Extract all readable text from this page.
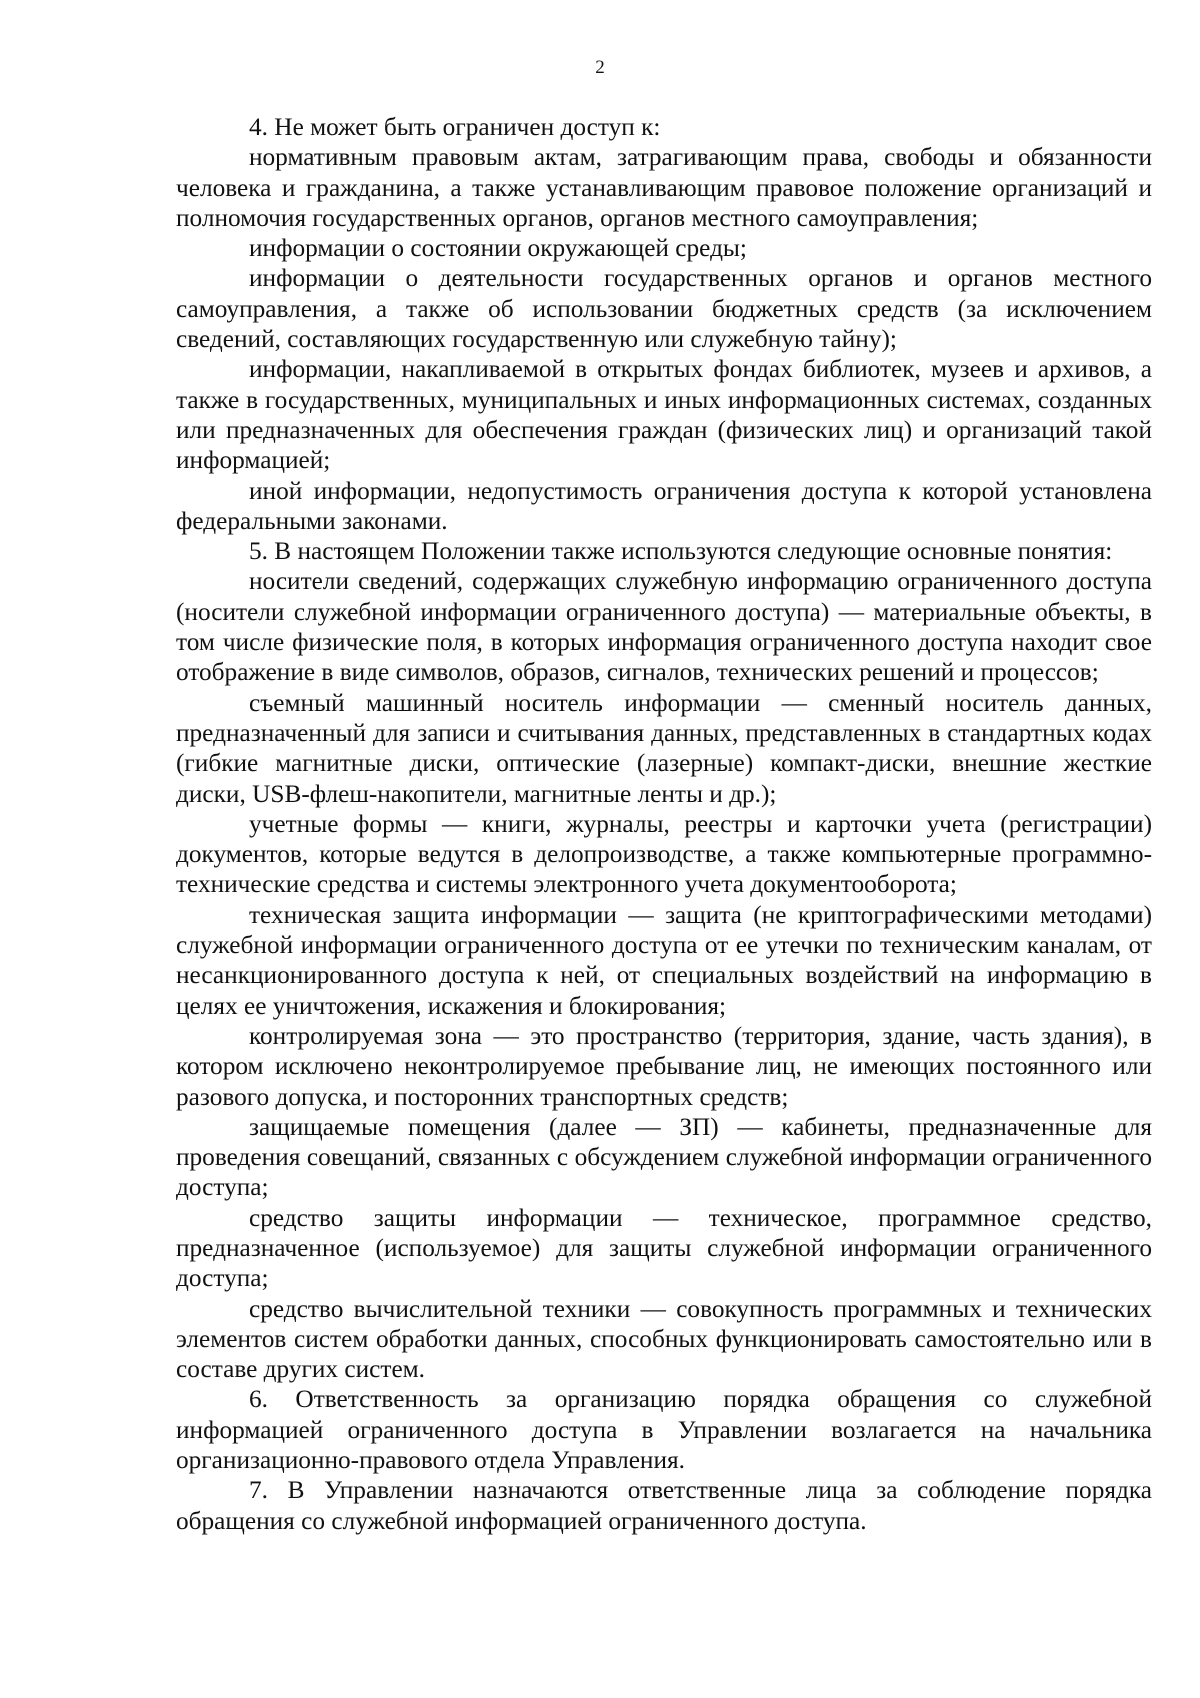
2

4. Не может быть ограничен доступ к:

нормативным правовым актам, затрагивающим права, свободы и обязанности человека и гражданина, а также устанавливающим правовое положение организаций и полномочия государственных органов, органов местного самоуправления;

информации о состоянии окружающей среды;

информации о деятельности государственных органов и органов местного самоуправления, а также об использовании бюджетных средств (за исключением сведений, составляющих государственную или служебную тайну);

информации, накапливаемой в открытых фондах библиотек, музеев и архивов, а также в государственных, муниципальных и иных информационных системах, созданных или предназначенных для обеспечения граждан (физических лиц) и организаций такой информацией;

иной информации, недопустимость ограничения доступа к которой установлена федеральными законами.

5. В настоящем Положении также используются следующие основные понятия:

носители сведений, содержащих служебную информацию ограниченного доступа (носители служебной информации ограниченного доступа) — материальные объекты, в том числе физические поля, в которых информация ограниченного доступа находит свое отображение в виде символов, образов, сигналов, технических решений и процессов;

съемный машинный носитель информации — сменный носитель данных, предназначенный для записи и считывания данных, представленных в стандартных кодах (гибкие магнитные диски, оптические (лазерные) компакт-диски, внешние жесткие диски, USB-флеш-накопители, магнитные ленты и др.);

учетные формы — книги, журналы, реестры и карточки учета (регистрации) документов, которые ведутся в делопроизводстве, а также компьютерные программно-технические средства и системы электронного учета документооборота;

техническая защита информации — защита (не криптографическими методами) служебной информации ограниченного доступа от ее утечки по техническим каналам, от несанкционированного доступа к ней, от специальных воздействий на информацию в целях ее уничтожения, искажения и блокирования;

контролируемая зона — это пространство (территория, здание, часть здания), в котором исключено неконтролируемое пребывание лиц, не имеющих постоянного или разового допуска, и посторонних транспортных средств;

защищаемые помещения (далее — ЗП) — кабинеты, предназначенные для проведения совещаний, связанных с обсуждением служебной информации ограниченного доступа;

средство защиты информации — техническое, программное средство, предназначенное (используемое) для защиты служебной информации ограниченного доступа;

средство вычислительной техники — совокупность программных и технических элементов систем обработки данных, способных функционировать самостоятельно или в составе других систем.

6. Ответственность за организацию порядка обращения со служебной информацией ограниченного доступа в Управлении возлагается на начальника организационно-правового отдела Управления.

7. В Управлении назначаются ответственные лица за соблюдение порядка обращения со служебной информацией ограниченного доступа.
